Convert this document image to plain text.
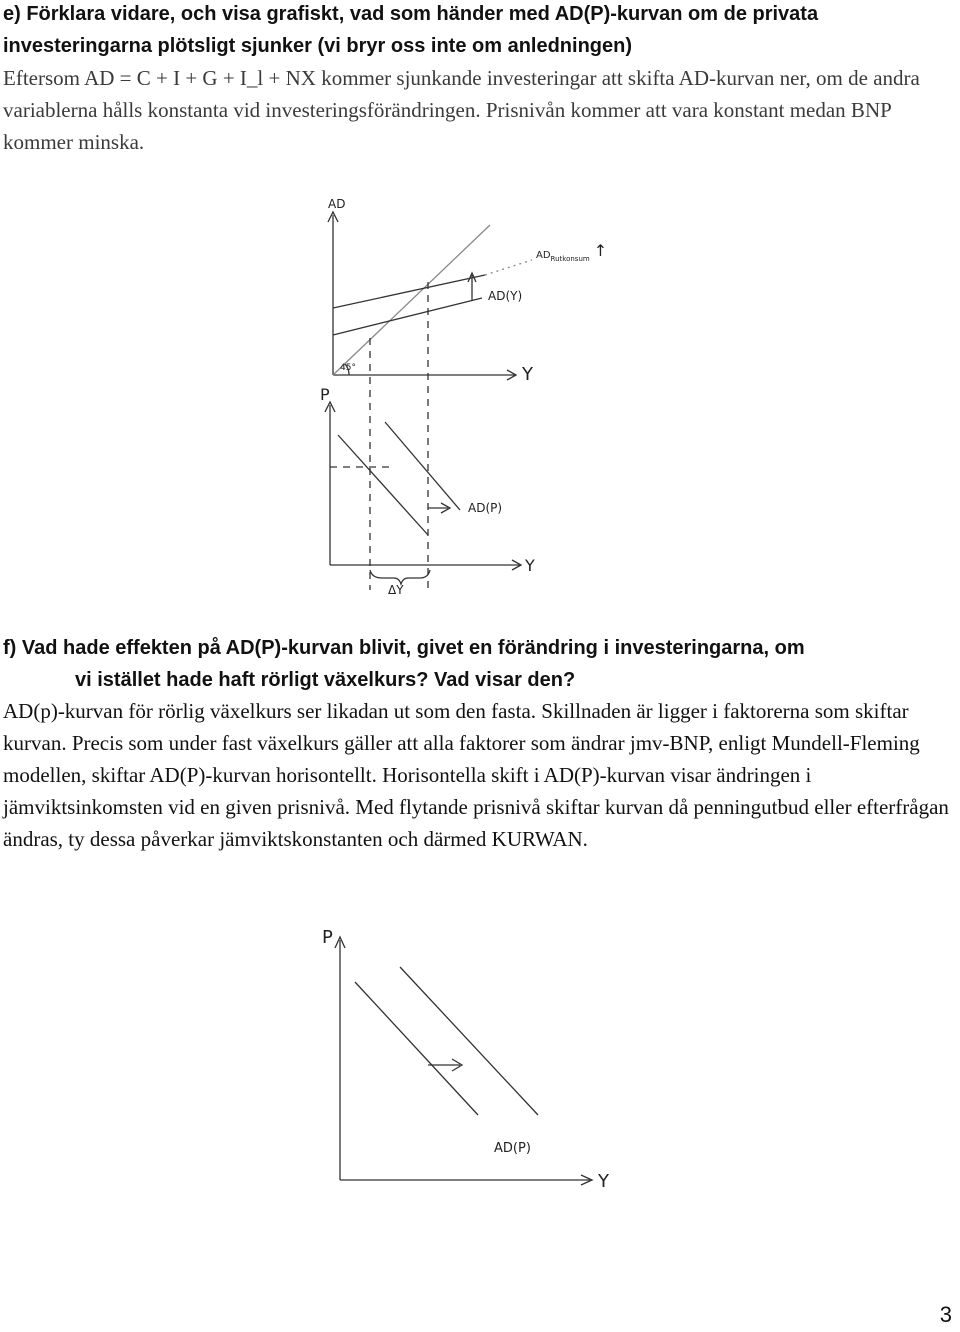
e) Förklara vidare, och visa grafiskt, vad som händer med AD(P)-kurvan om de privata investeringarna plötsligt sjunker (vi bryr oss inte om anledningen)

Eftersom AD = C + I + G + I_l + NX kommer sjunkande investeringar att skifta AD-kurvan ner, om de andra variablerna hålls konstanta vid investeringsförändringen. Prisnivån kommer att vara konstant medan BNP kommer minska.

AD
Y
45°
$AD_{Rutkonsum}$ ↑
AD(Y)
P
Y
AD(P)
ΔY

f) Vad hade effekten på AD(P)-kurvan blivit, givet en förändring i investeringarna, om
vi istället hade haft rörligt växelkurs? Vad visar den?

AD(p)-kurvan för rörlig växelkurs ser likadan ut som den fasta. Skillnaden är ligger i faktorerna som skiftar kurvan. Precis som under fast växelkurs gäller att alla faktorer som ändrar jmv-BNP, enligt Mundell-Fleming modellen, skiftar AD(P)-kurvan horisontellt. Horisontella skift i AD(P)-kurvan visar ändringen i jämviktsinkomsten vid en given prisnivå. Med flytande prisnivå skiftar kurvan då penningutbud eller efterfrågan ändras, ty dessa påverkar jämviktskonstanten och därmed KURWAN.

P
Y
AD(P)

3
